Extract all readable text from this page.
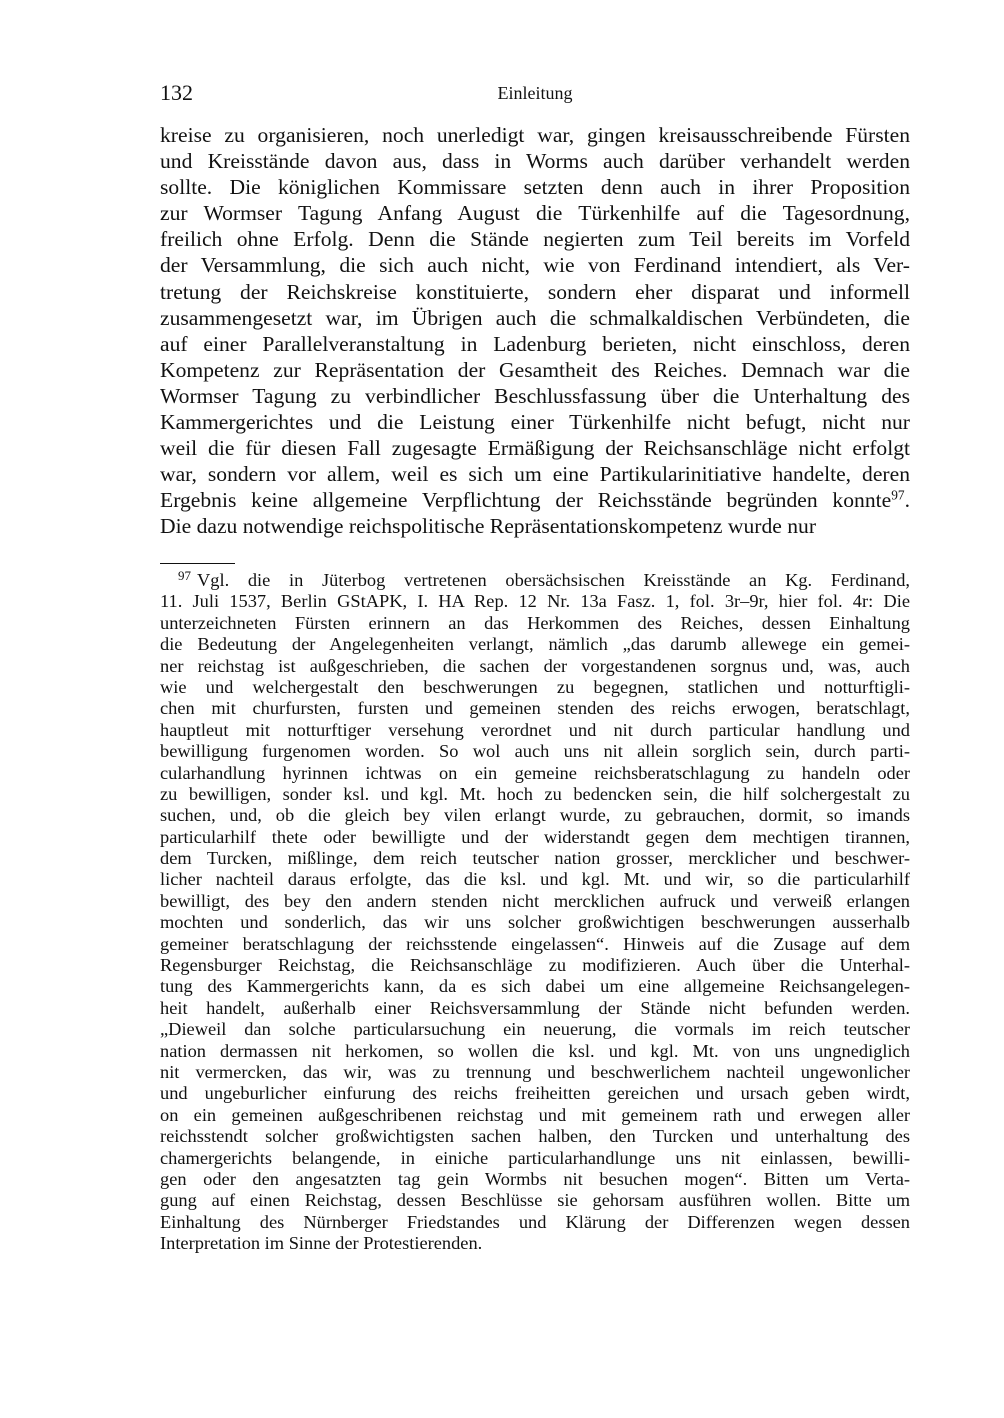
132	Einleitung
kreise zu organisieren, noch unerledigt war, gingen kreisausschreibende Fürsten
und Kreisstände davon aus, dass in Worms auch darüber verhandelt werden
sollte. Die königlichen Kommissare setzten denn auch in ihrer Proposition
zur Wormser Tagung Anfang August die Türkenhilfe auf die Tagesordnung,
freilich ohne Erfolg. Denn die Stände negierten zum Teil bereits im Vorfeld
der Versammlung, die sich auch nicht, wie von Ferdinand intendiert, als Ver-
tretung der Reichskreise konstituierte, sondern eher disparat und informell
zusammengesetzt war, im Übrigen auch die schmalkaldischen Verbündeten, die
auf einer Parallelveranstaltung in Ladenburg berieten, nicht einschloss, deren
Kompetenz zur Repräsentation der Gesamtheit des Reiches. Demnach war die
Wormser Tagung zu verbindlicher Beschlussfassung über die Unterhaltung des
Kammergerichtes und die Leistung einer Türkenhilfe nicht befugt, nicht nur
weil die für diesen Fall zugesagte Ermäßigung der Reichsanschläge nicht erfolgt
war, sondern vor allem, weil es sich um eine Partikularinitiative handelte, deren
Ergebnis keine allgemeine Verpflichtung der Reichsstände begründen konnte$^{97}$.
Die dazu notwendige reichspolitische Repräsentationskompetenz wurde nur
$^{97}$ Vgl. die in Jüterbog vertretenen obersächsischen Kreisstände an Kg. Ferdinand,
11. Juli 1537, Berlin GStAPK, I. HA Rep. 12 Nr. 13a Fasz. 1, fol. 3r–9r, hier fol. 4r: Die
unterzeichneten Fürsten erinnern an das Herkommen des Reiches, dessen Einhaltung
die Bedeutung der Angelegenheiten verlangt, nämlich „das darumb allewege ein gemei-
ner reichstag ist außgeschrieben, die sachen der vorgestandenen sorgnus und, was, auch
wie und welchergestalt den beschwerungen zu begegnen, statlichen und notturftigli-
chen mit churfursten, fursten und gemeinen stenden des reichs erwogen, beratschlagt,
hauptleut mit notturftiger versehung verordnet und nit durch particular handlung und
bewilligung furgenomen worden. So wol auch uns nit allein sorglich sein, durch parti-
cularhandlung hyrinnen ichtwas on ein gemeine reichsberatschlagung zu handeln oder
zu bewilligen, sonder ksl. und kgl. Mt. hoch zu bedencken sein, die hilf solchergestalt zu
suchen, und, ob die gleich bey vilen erlangt wurde, zu gebrauchen, dormit, so imands
particularhilf thete oder bewilligte und der widerstandt gegen dem mechtigen tirannen,
dem Turcken, mißlinge, dem reich teutscher nation grosser, mercklicher und beschwer-
licher nachteil daraus erfolgte, das die ksl. und kgl. Mt. und wir, so die particularhilf
bewilligt, des bey den andern stenden nicht mercklichen aufruck und verweiß erlangen
mochten und sonderlich, das wir uns solcher großwichtigen beschwerungen ausserhalb
gemeiner beratschlagung der reichsstende eingelassen“. Hinweis auf die Zusage auf dem
Regensburger Reichstag, die Reichsanschläge zu modifizieren. Auch über die Unterhal-
tung des Kammergerichts kann, da es sich dabei um eine allgemeine Reichsangelegen-
heit handelt, außerhalb einer Reichsversammlung der Stände nicht befunden werden.
„Dieweil dan solche particularsuchung ein neuerung, die vormals im reich teutscher
nation dermassen nit herkomen, so wollen die ksl. und kgl. Mt. von uns ungnediglich
nit vermercken, das wir, was zu trennung und beschwerlichem nachteil ungewonlicher
und ungeburlicher einfurung des reichs freiheitten gereichen und ursach geben wirdt,
on ein gemeinen außgeschribenen reichstag und mit gemeinem rath und erwegen aller
reichsstendt solcher großwichtigsten sachen halben, den Turcken und unterhaltung des
chamergerichts belangende, in einiche particularhandlunge uns nit einlassen, bewilli-
gen oder den angesatzten tag gein Wormbs nit besuchen mogen“. Bitten um Verta-
gung auf einen Reichstag, dessen Beschlüsse sie gehorsam ausführen wollen. Bitte um
Einhaltung des Nürnberger Friedstandes und Klärung der Differenzen wegen dessen
Interpretation im Sinne der Protestierenden.
